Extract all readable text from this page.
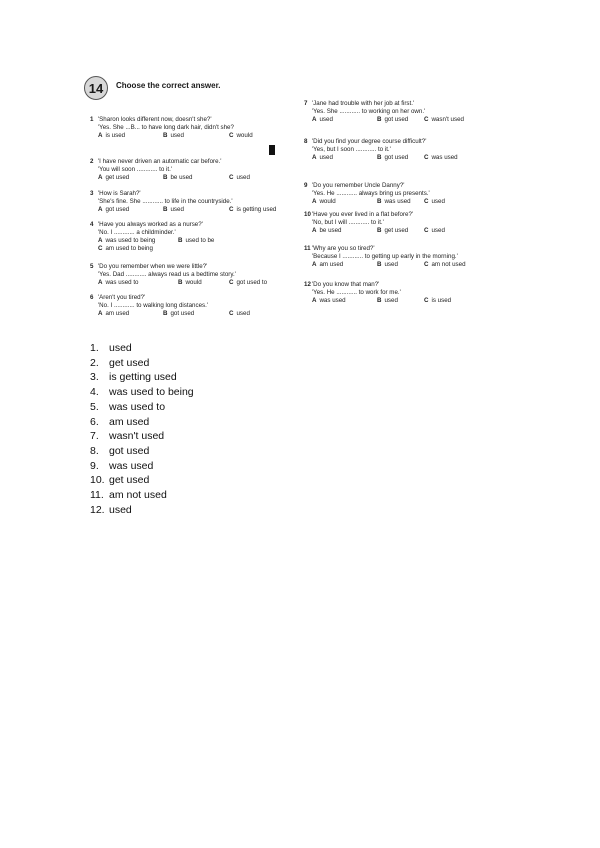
14	Choose the correct answer.
1 'Sharon looks different now, doesn't she?'
'Yes. She ...B... to have long dark hair, didn't she?
A is used	B used	C would
2 'I have never driven an automatic car before.'
'You will soon ............ to it.'
A get used	B be used	C used
3 'How is Sarah?'
'She's fine. She ............ to life in the countryside.'
A got used	B used	C is getting used
4 'Have you always worked as a nurse?'
'No. I ............ a childminder.'
A was used to being	B used to be
C am used to being
5 'Do you remember when we were little?'
'Yes. Dad ............ always read us a bedtime story.'
A was used to	B would	C got used to
6 'Aren't you tired?'
'No. I ............ to walking long distances.'
A am used	B got used	C used
7 'Jane had trouble with her job at first.'
'Yes. She ............ to working on her own.'
A used	B got used	C wasn't used
8 'Did you find your degree course difficult?'
'Yes, but I soon ............ to it.'
A used	B got used	C was used
9 'Do you remember Uncle Danny?'
'Yes. He ............ always bring us presents.'
A would	B was used C used
10 'Have you ever lived in a flat before?'
'No, but I will ............ to it.'
A be used	B get used	C used
11 'Why are you so tired?'
'Because I ............ to getting up early in the morning.'
A am used	B used	C am not used
12 'Do you know that man?'
'Yes. He ............ to work for me.'
A was used	B used	C is used
1. used
2. get used
3. is getting used
4. was used to being
5. was used to
6. am used
7. wasn't used
8. got used
9. was used
10. get used
11. am not used
12. used
